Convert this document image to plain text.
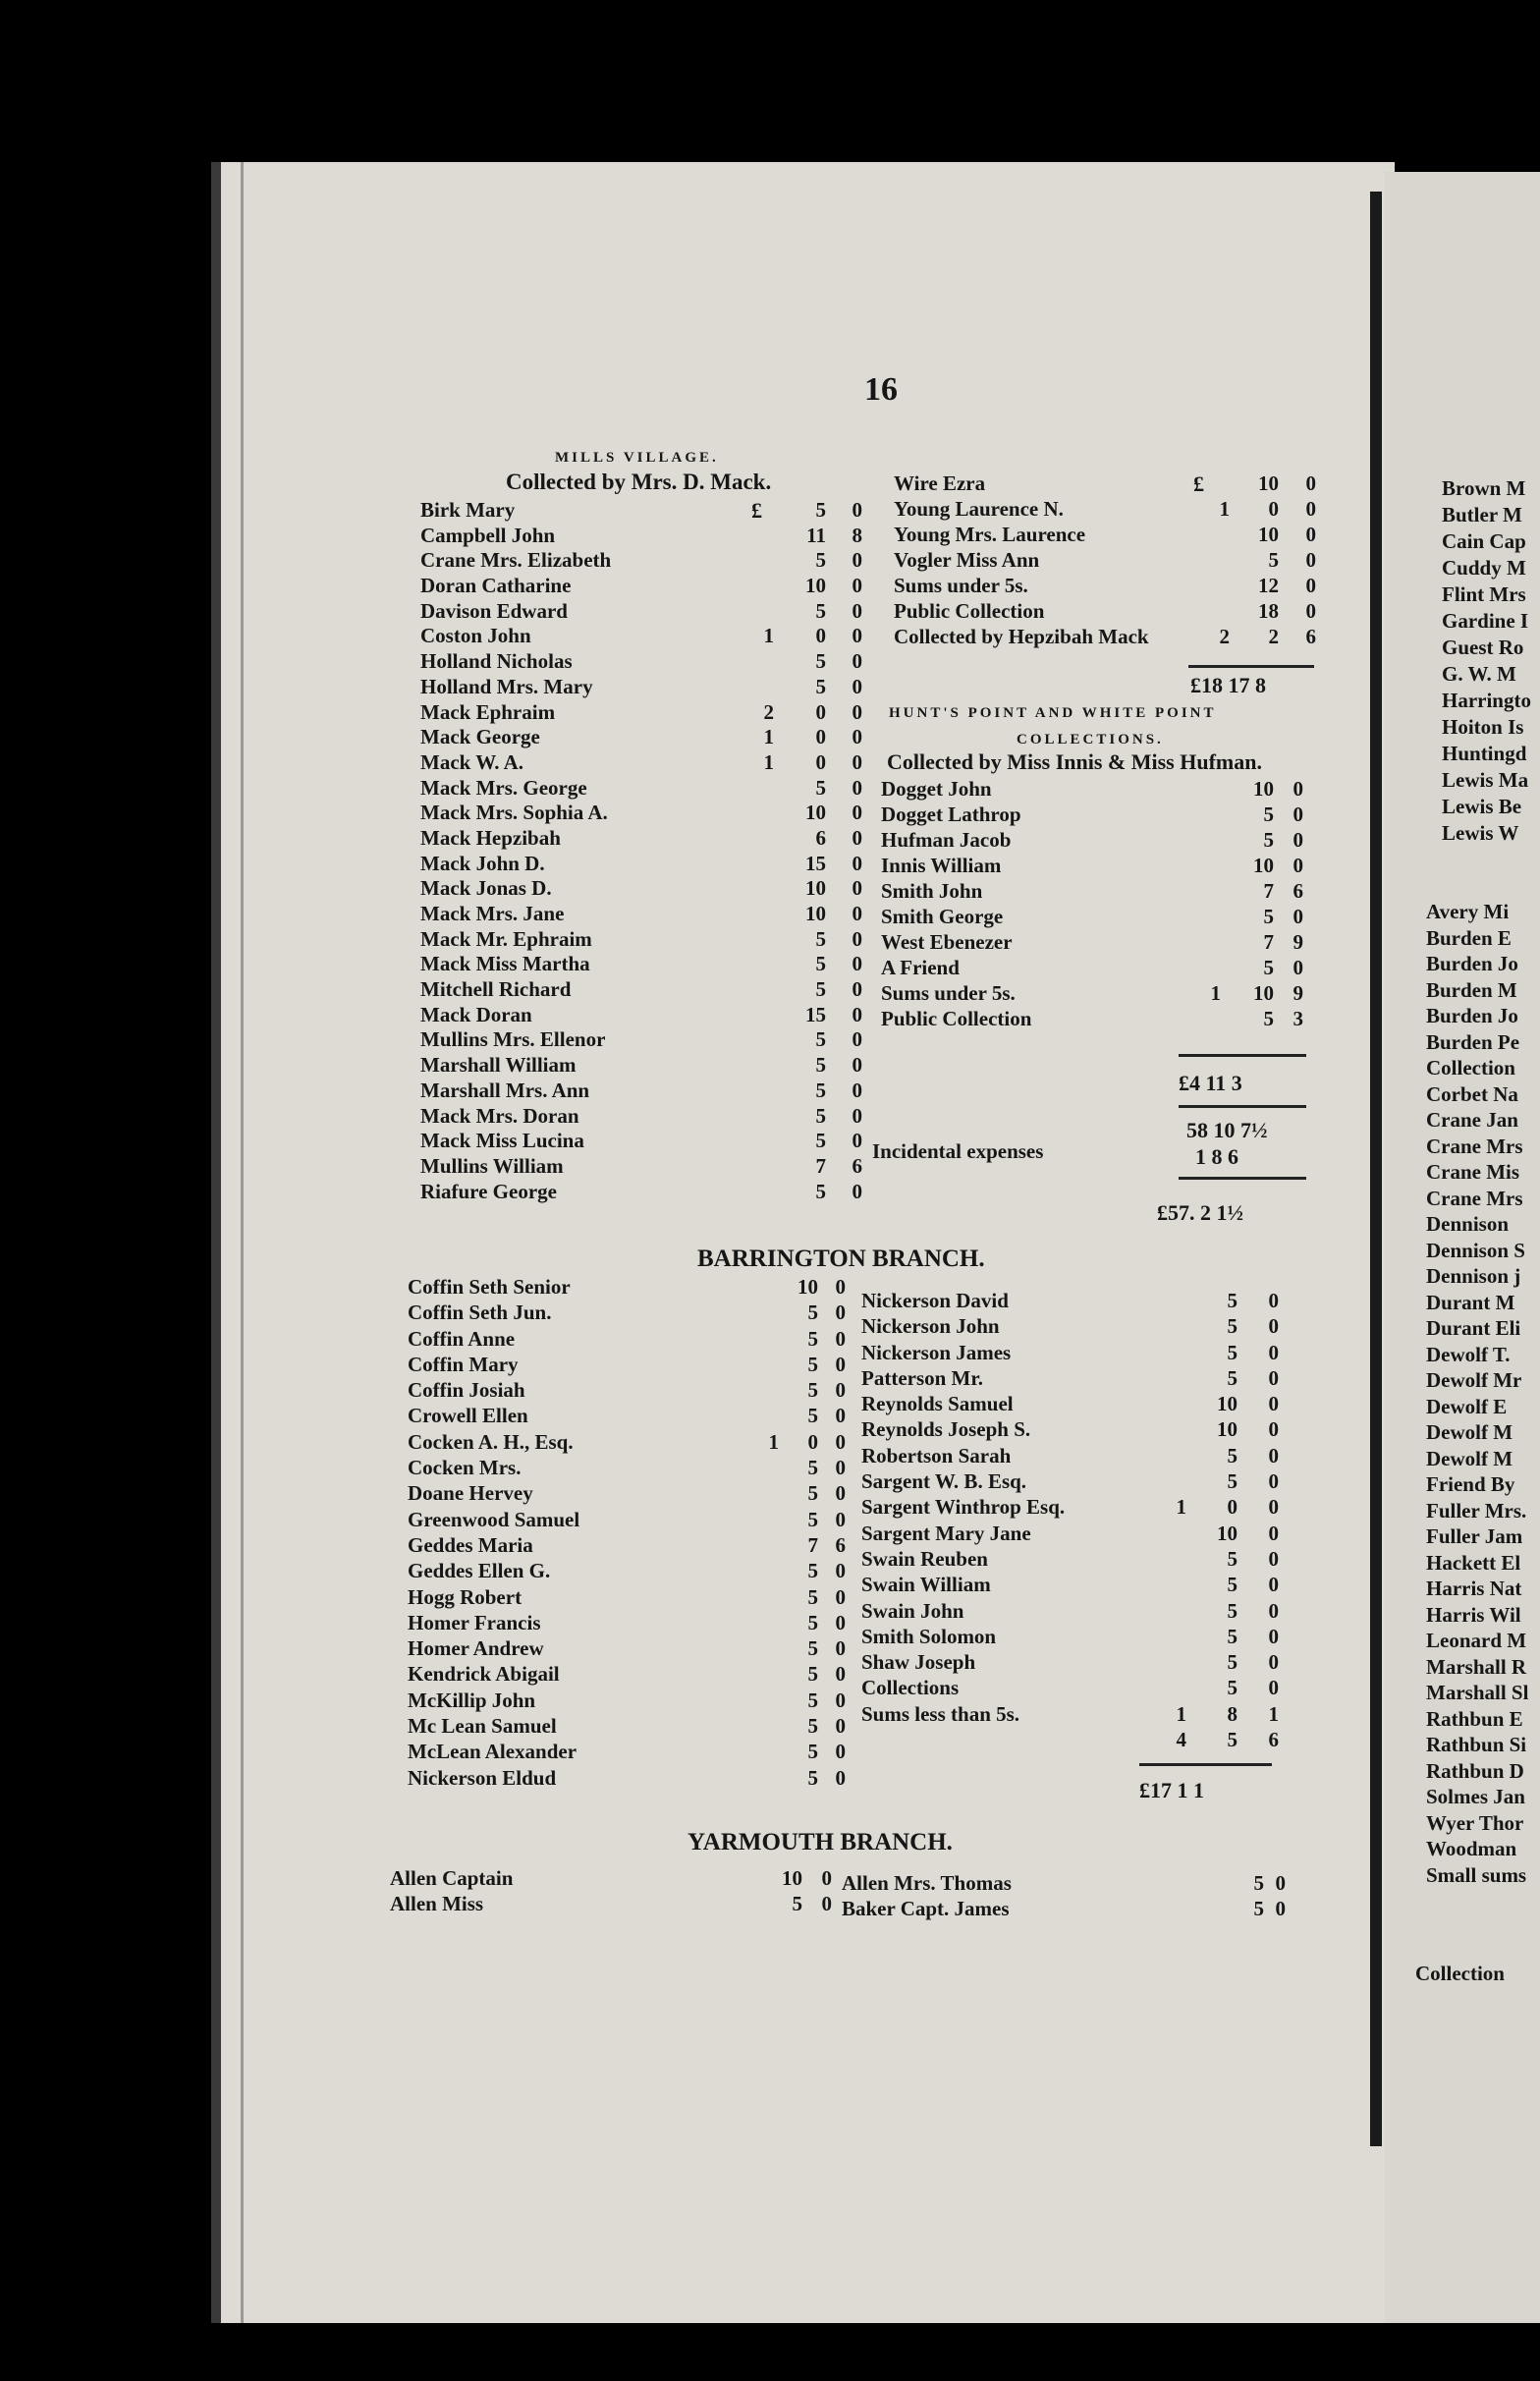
16
MILLS VILLAGE.
Collected by Mrs. D. Mack.
£
Birk Mary	5 0
Campbell John	11 8
Crane Mrs. Elizabeth	5 0
Doran Catharine	10 0
Davison Edward	5 0
Coston John	1 0 0
Holland Nicholas	5 0
Holland Mrs. Mary	5 0
Mack Ephraim	2 0 0
Mack George	1 0 0
Mack W. A.	1 0 0
Mack Mrs. George	5 0
Mack Mrs. Sophia A.	10 0
Mack Hepzibah	6 0
Mack John D.	15 0
Mack Jonas D.	10 0
Mack Mrs. Jane	10 0
Mack Mr. Ephraim	5 0
Mack Miss Martha	5 0
Mitchell Richard	5 0
Mack Doran	15 0
Mullins Mrs. Ellenor	5 0
Marshall William	5 0
Marshall Mrs. Ann	5 0
Mack Mrs. Doran	5 0
Mack Miss Lucina	5 0
Mullins William	7 6
Riafure George	5 0
£
Wire Ezra	10 0
Young Laurence N.	1 0 0
Young Mrs. Laurence	10 0
Vogler Miss Ann	5 0
Sums under 5s.	12 0
Public Collection	18 0
Collected by Hepzibah Mack	2 2 6
£18 17 8
HUNT'S POINT AND WHITE POINT
COLLECTIONS.
Collected by Miss Innis & Miss Hufman.
Dogget John	10 0
Dogget Lathrop	5 0
Hufman Jacob	5 0
Innis William	10 0
Smith John	7 6
Smith George	5 0
West Ebenezer	7 9
A Friend	5 0
Sums under 5s.	1 10 9
Public Collection	5 3
£4 11 3
58 10 7½
Incidental expenses	1 8 6
£57. 2 1½
BARRINGTON BRANCH.
Coffin Seth Senior	10 0
Coffin Seth Jun.	5 0
Coffin Anne	5 0
Coffin Mary	5 0
Coffin Josiah	5 0
Crowell Ellen	5 0
Cocken A. H., Esq.	1 0 0
Cocken Mrs.	5 0
Doane Hervey	5 0
Greenwood Samuel	5 0
Geddes Maria	7 6
Geddes Ellen G.	5 0
Hogg Robert	5 0
Homer Francis	5 0
Homer Andrew	5 0
Kendrick Abigail	5 0
McKillip John	5 0
Mc Lean Samuel	5 0
McLean Alexander	5 0
Nickerson Eldud	5 0
Nickerson David	5 0
Nickerson John	5 0
Nickerson James	5 0
Patterson Mr.	5 0
Reynolds Samuel	10 0
Reynolds Joseph S.	10 0
Robertson Sarah	5 0
Sargent W. B. Esq.	5 0
Sargent Winthrop Esq.	1 0 0
Sargent Mary Jane	10 0
Swain Reuben	5 0
Swain William	5 0
Swain John	5 0
Smith Solomon	5 0
Shaw Joseph	5 0
Collections	5 0
Sums less than 5s.	1 8 1
4 5 6
£17 1 1
YARMOUTH BRANCH.
Allen Captain	10 0
Allen Miss	5 0
Allen Mrs. Thomas	5 0
Baker Capt. James	5 0
Brown M
Butler M
Cain Cap
Cuddy M
Flint Mrs
Gardine I
Guest Ro
G. W. M
Harringto
Hoiton Is
Huntingd
Lewis Ma
Lewis Be
Lewis W
Avery Mi
Burden E
Burden Jo
Burden M
Burden Jo
Burden Pe
Collection
Corbet Na
Crane Jan
Crane Mrs
Crane Mis
Crane Mrs
Dennison
Dennison S
Dennison j
Durant M
Durant Eli
Dewolf T.
Dewolf Mr
Dewolf E
Dewolf M
Dewolf M
Friend By
Fuller Mrs.
Fuller Jam
Hackett El
Harris Nat
Harris Wil
Leonard M
Marshall R
Marshall Sl
Rathbun E
Rathbun Si
Rathbun D
Solmes Jan
Wyer Thor
Woodman
Small sums
Collection
